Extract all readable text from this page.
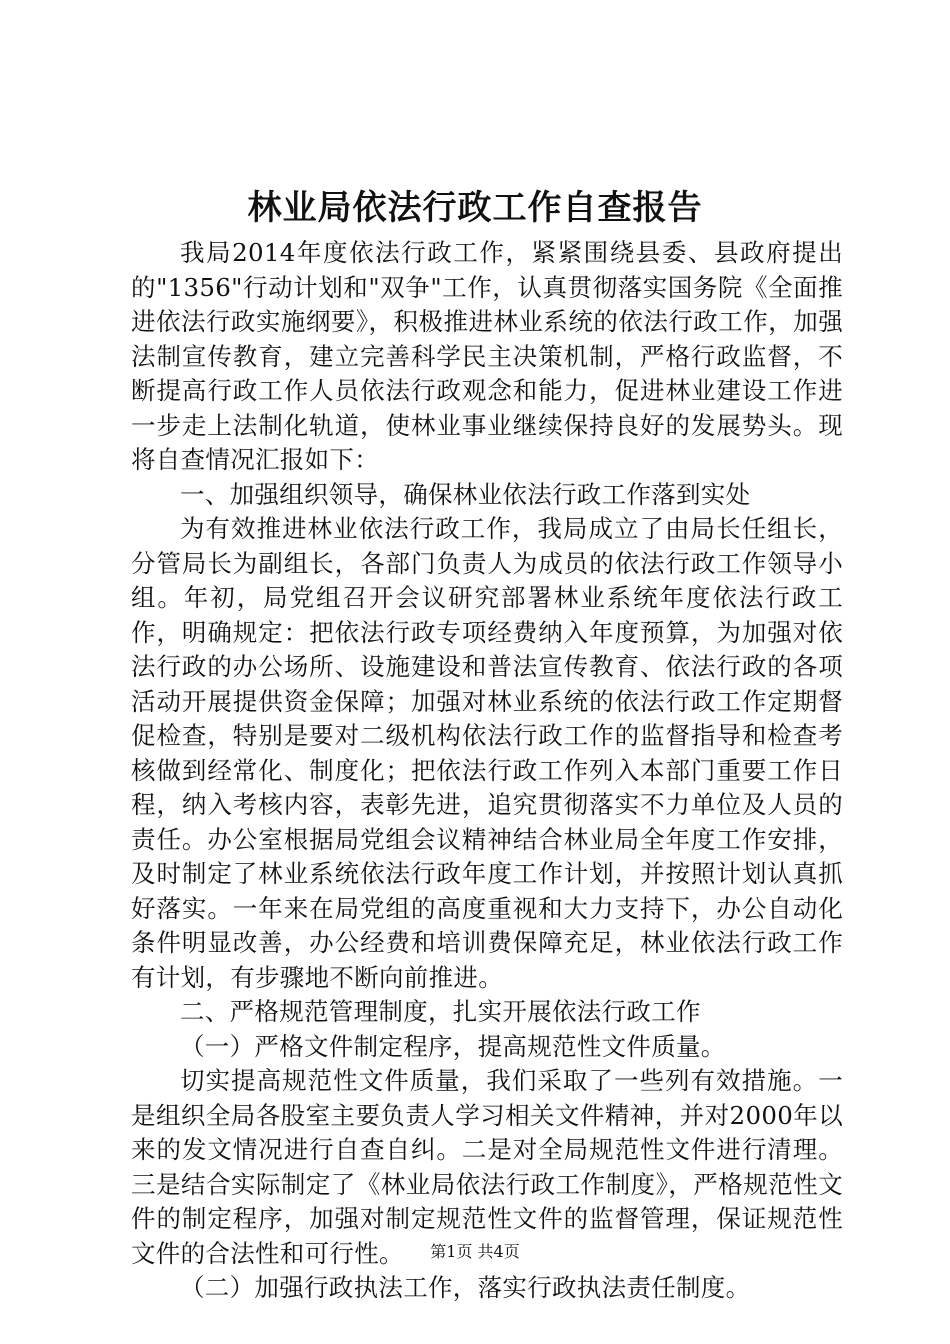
林业局依法行政工作自查报告

我局2014年度依法行政工作，紧紧围绕县委、县政府提出的"1356"行动计划和"双争"工作，认真贯彻落实国务院《全面推进依法行政实施纲要》，积极推进林业系统的依法行政工作，加强法制宣传教育，建立完善科学民主决策机制，严格行政监督，不断提高行政工作人员依法行政观念和能力，促进林业建设工作进一步走上法制化轨道，使林业事业继续保持良好的发展势头。现将自查情况汇报如下：

一、加强组织领导，确保林业依法行政工作落到实处

为有效推进林业依法行政工作，我局成立了由局长任组长，分管局长为副组长，各部门负责人为成员的依法行政工作领导小组。年初，局党组召开会议研究部署林业系统年度依法行政工作，明确规定：把依法行政专项经费纳入年度预算，为加强对依法行政的办公场所、设施建设和普法宣传教育、依法行政的各项活动开展提供资金保障；加强对林业系统的依法行政工作定期督促检查，特别是要对二级机构依法行政工作的监督指导和检查考核做到经常化、制度化；把依法行政工作列入本部门重要工作日程，纳入考核内容，表彰先进，追究贯彻落实不力单位及人员的责任。办公室根据局党组会议精神结合林业局全年度工作安排，及时制定了林业系统依法行政年度工作计划，并按照计划认真抓好落实。一年来在局党组的高度重视和大力支持下，办公自动化条件明显改善，办公经费和培训费保障充足，林业依法行政工作有计划，有步骤地不断向前推进。

二、严格规范管理制度，扎实开展依法行政工作

（一）严格文件制定程序，提高规范性文件质量。

切实提高规范性文件质量，我们采取了一些列有效措施。一是组织全局各股室主要负责人学习相关文件精神，并对2000年以来的发文情况进行自查自纠。二是对全局规范性文件进行清理。三是结合实际制定了《林业局依法行政工作制度》，严格规范性文件的制定程序，加强对制定规范性文件的监督管理，保证规范性文件的合法性和可行性。

（二）加强行政执法工作，落实行政执法责任制度。

第1页 共4页
